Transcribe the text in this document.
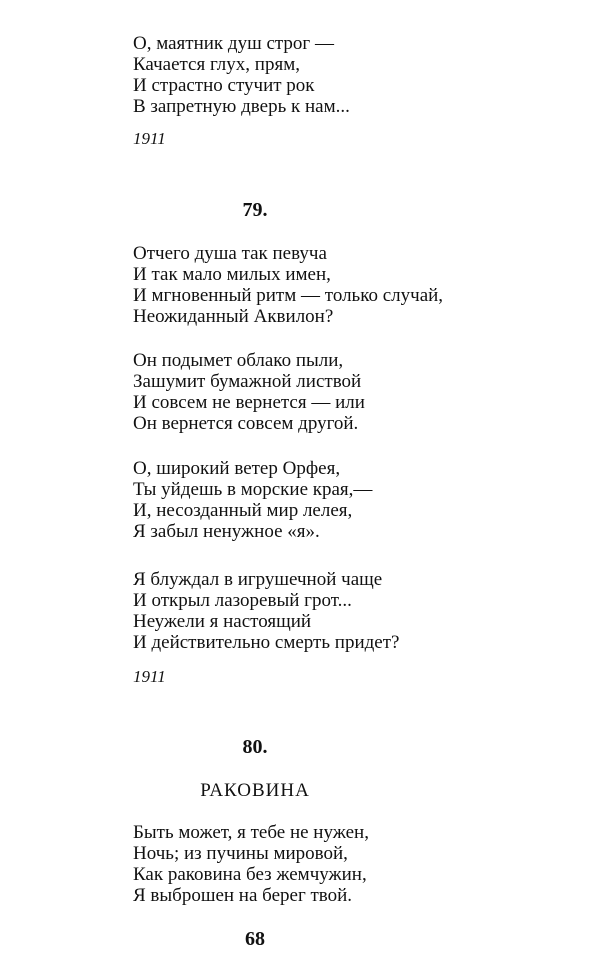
О, маятник душ строг —
Качается глух, прям,
И страстно стучит рок
В запретную дверь к нам...
1911
79.
Отчего душа так певуча
И так мало милых имен,
И мгновенный ритм — только случай,
Неожиданный Аквилон?
Он подымет облако пыли,
Зашумит бумажной листвой
И совсем не вернется — или
Он вернется совсем другой.
О, широкий ветер Орфея,
Ты уйдешь в морские края,—
И, несозданный мир лелея,
Я забыл ненужное «я».
Я блуждал в игрушечной чаще
И открыл лазоревый грот...
Неужели я настоящий
И действительно смерть придет?
1911
80.
РАКОВИНА
Быть может, я тебе не нужен,
Ночь; из пучины мировой,
Как раковина без жемчужин,
Я выброшен на берег твой.
68
